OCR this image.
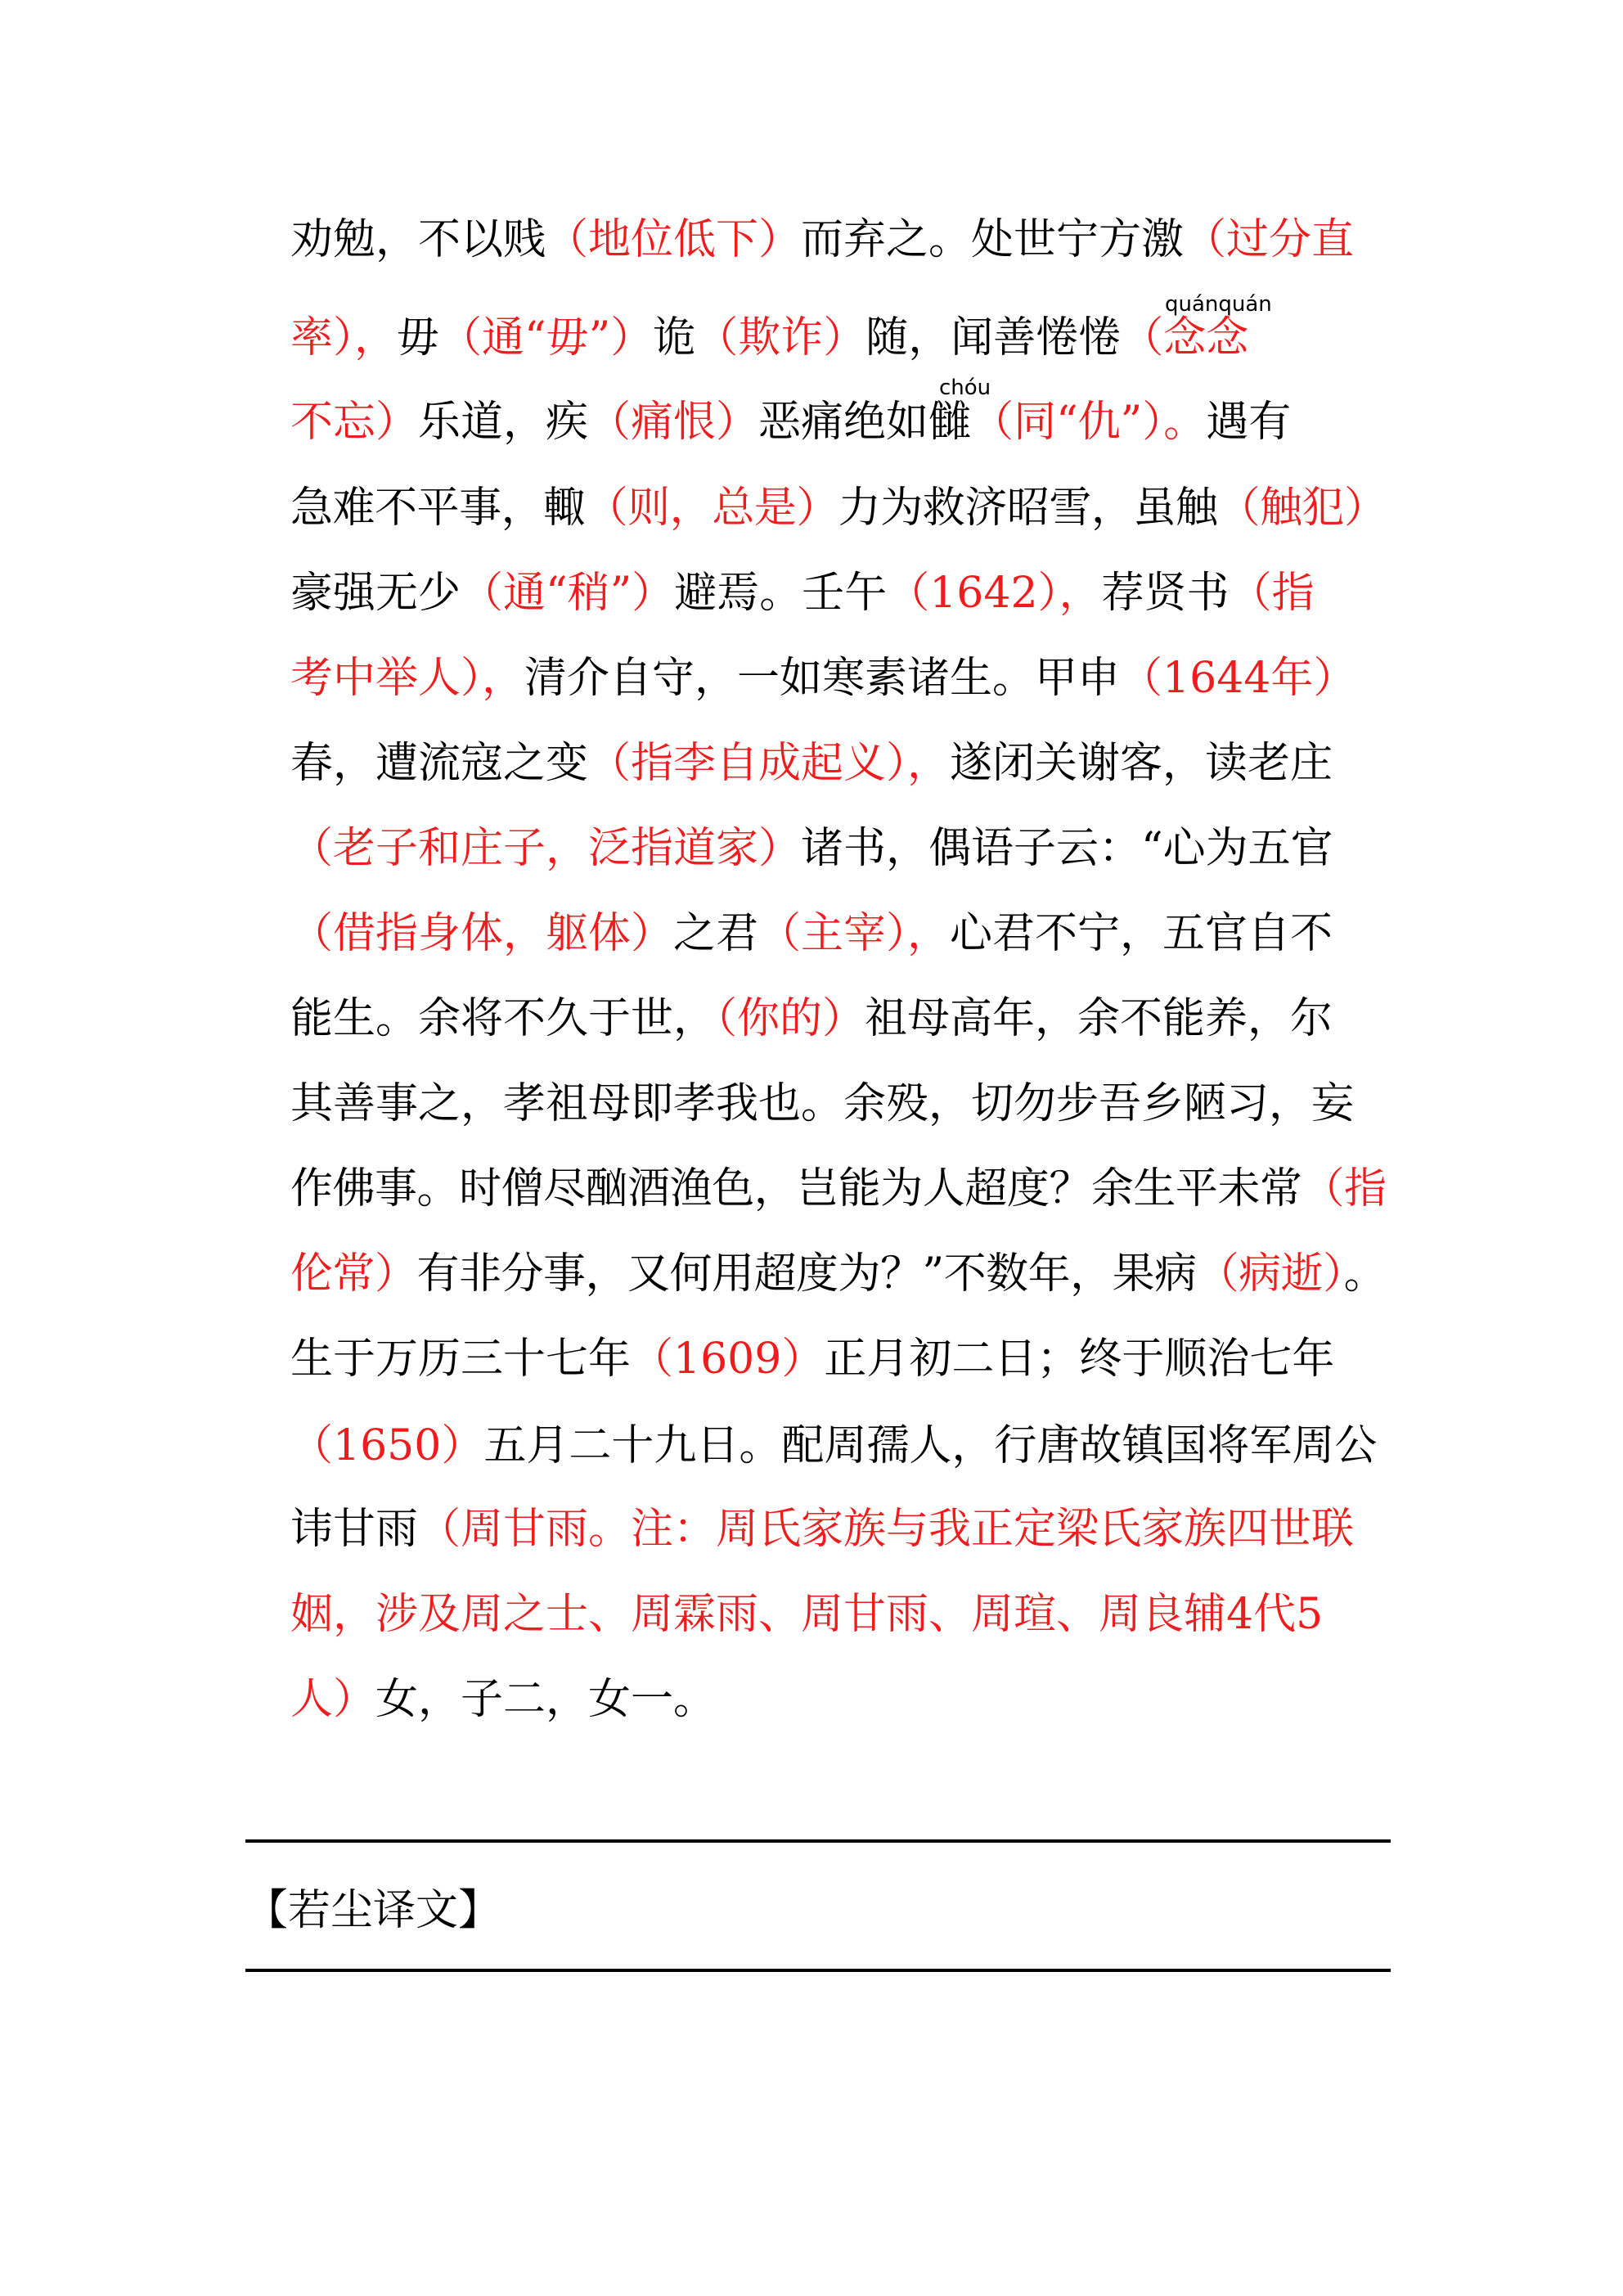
劝勉，不以贱（地位低下）而弃之。处世宁方激（过分直
率），毋（通“毋”）诡（欺诈）随，闻善惓惓（念念
不忘）乐道，疾（痛恨）恶痛绝如雠（同“仇”）。遇有
急难不平事，輙（则，总是）力为救济昭雪，虽触（触犯）
豪强无少（通“稍”）避焉。壬午（1642），荐贤书（指
考中举人），清介自守，一如寒素诸生。甲申（1644年）
春，遭流寇之变（指李自成起义），遂闭关谢客，读老庄
（老子和庄子，泛指道家）诸书，偶语子云：“心为五官
（借指身体，躯体）之君（主宰），心君不宁，五官自不
能生。余将不久于世，（你的）祖母高年，余不能养，尔
其善事之，孝祖母即孝我也。余殁，切勿步吾乡陋习，妄
作佛事。时僧尽酗酒渔色，岂能为人超度？余生平未常（指
伦常）有非分事，又何用超度为？”不数年，果病（病逝）。
生于万历三十七年（1609）正月初二日；终于顺治七年
（1650）五月二十九日。配周孺人，行唐故镇国将军周公
讳甘雨（周甘雨。注：周氏家族与我正定梁氏家族四世联
姻，涉及周之士、周霖雨、周甘雨、周瑄、周良辅4代5
人）女，子二，女一。
quánquán
chóu
【若尘译文】
